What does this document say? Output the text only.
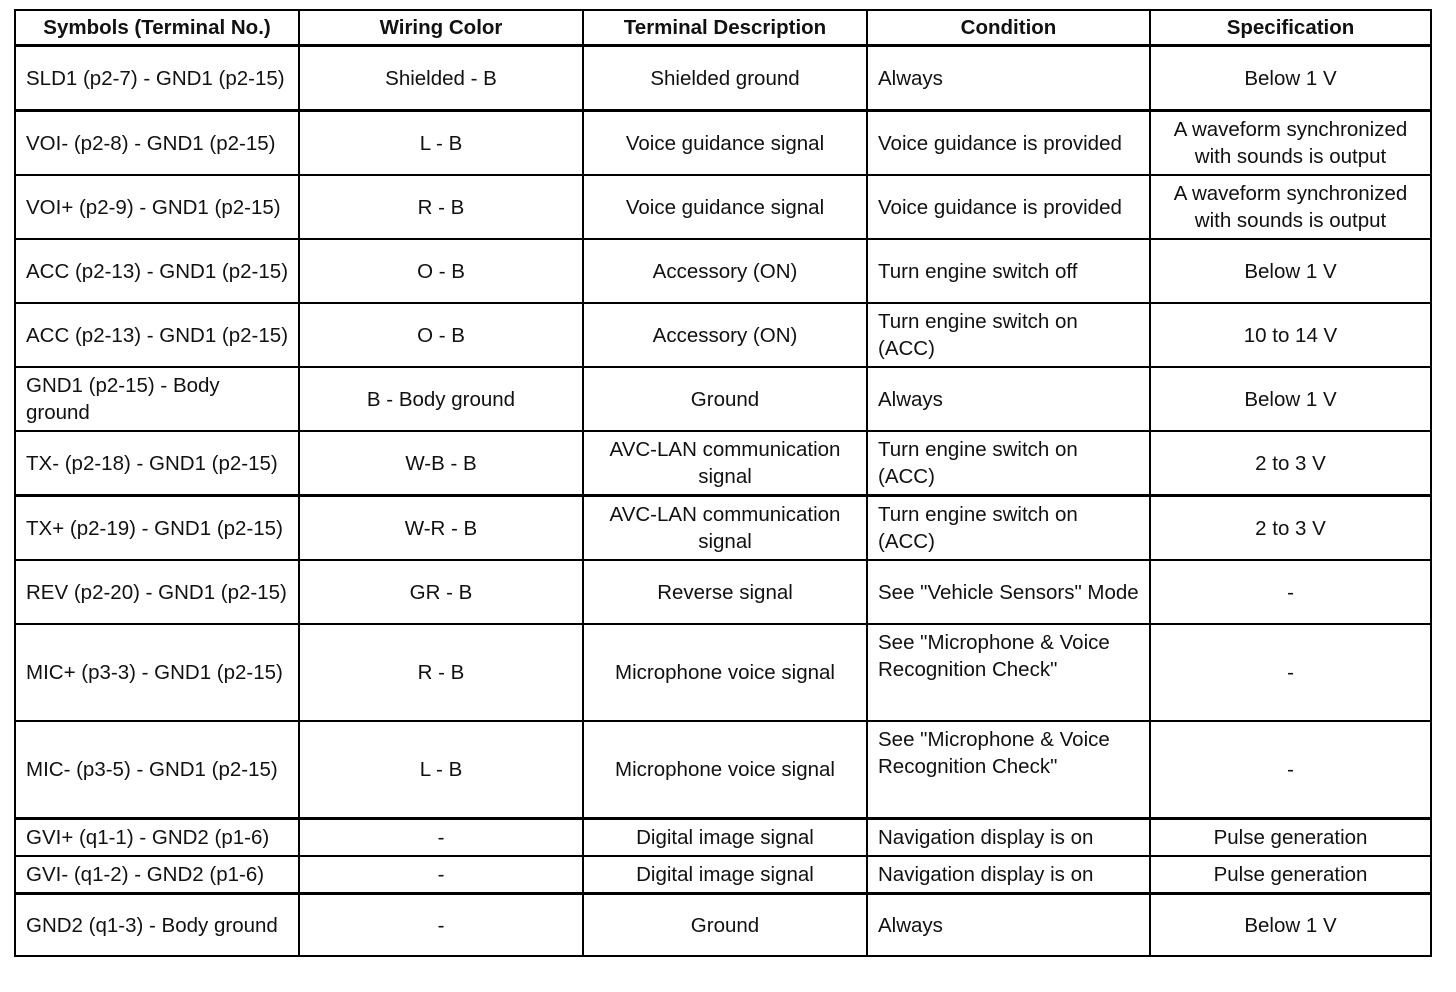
Symbols (Terminal No.)	Wiring Color	Terminal Description	Condition	Specification
SLD1 (p2-7) - GND1 (p2-15)	Shielded - B	Shielded ground	Always	Below 1 V
VOI- (p2-8) - GND1 (p2-15)	L - B	Voice guidance signal	Voice guidance is provided	A waveform synchronized with sounds is output
VOI+ (p2-9) - GND1 (p2-15)	R - B	Voice guidance signal	Voice guidance is provided	A waveform synchronized with sounds is output
ACC (p2-13) - GND1 (p2-15)	O - B	Accessory (ON)	Turn engine switch off	Below 1 V
ACC (p2-13) - GND1 (p2-15)	O - B	Accessory (ON)	Turn engine switch on (ACC)	10 to 14 V
GND1 (p2-15) - Body ground	B - Body ground	Ground	Always	Below 1 V
TX- (p2-18) - GND1 (p2-15)	W-B - B	AVC-LAN communication signal	Turn engine switch on (ACC)	2 to 3 V
TX+ (p2-19) - GND1 (p2-15)	W-R - B	AVC-LAN communication signal	Turn engine switch on (ACC)	2 to 3 V
REV (p2-20) - GND1 (p2-15)	GR - B	Reverse signal	See "Vehicle Sensors" Mode	-
MIC+ (p3-3) - GND1 (p2-15)	R - B	Microphone voice signal	See "Microphone & Voice Recognition Check"	-
MIC- (p3-5) - GND1 (p2-15)	L - B	Microphone voice signal	See "Microphone & Voice Recognition Check"	-
GVI+ (q1-1) - GND2 (p1-6)	-	Digital image signal	Navigation display is on	Pulse generation
GVI- (q1-2) - GND2 (p1-6)	-	Digital image signal	Navigation display is on	Pulse generation
GND2 (q1-3) - Body ground	-	Ground	Always	Below 1 V
